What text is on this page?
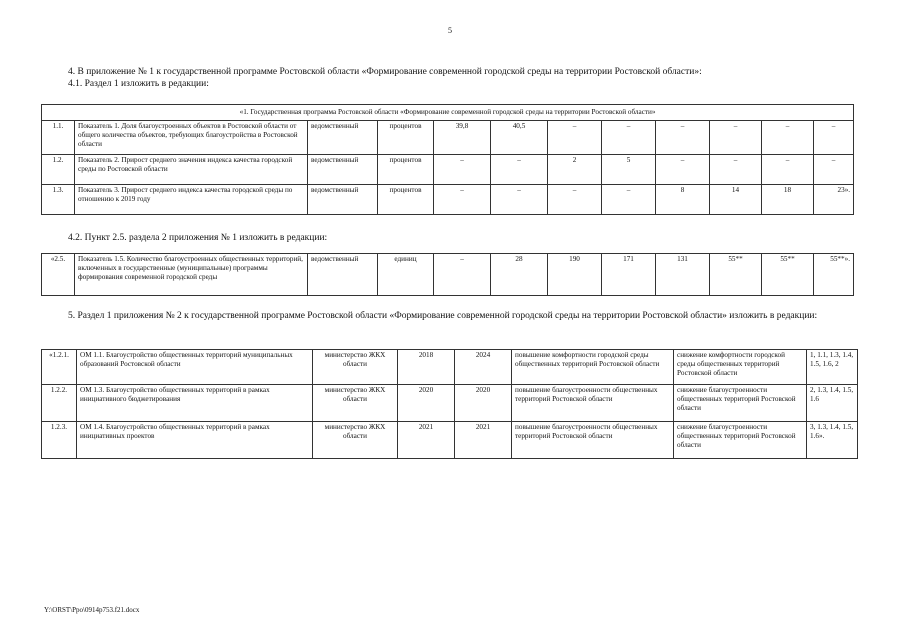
5
4. В приложение № 1 к государственной программе Ростовской области «Формирование современной городской среды на территории Ростовской области»:
4.1. Раздел 1 изложить в редакции:
«1. Государственная программа Ростовской области «Формирование современной городской среды на территории Ростовской области»											
1.1.	Показатель 1. Доля благоустроенных объектов в Ростовской области от общего количества объектов, требующих благоустройства в Ростовской области	ведомственный	процентов	39,8	40,5	–	–	–	–	–	–
1.2.	Показатель 2. Прирост среднего значения индекса качества городской среды по Ростовской области	ведомственный	процентов	–	–	2	5	–	–	–	–
1.3.	Показатель 3. Прирост среднего индекса качества городской среды по отношению к 2019 году	ведомственный	процентов	–	–	–	–	8	14	18	23».
4.2. Пункт 2.5. раздела 2 приложения № 1 изложить в редакции:
«2.5.	Показатель 1.5. Количество благоустроенных общественных территорий, включенных в государственные (муниципальные) программы формирования современной городской среды	ведомственный	единиц	–	28	190	171	131	55**	55**	55**».
5. Раздел 1 приложения № 2 к государственной программе Ростовской области «Формирование современной городской среды на территории Ростовской области» изложить в редакции:
«1.2.1.	ОМ 1.1. Благоустройство общественных территорий муниципальных образований Ростовской области	министерство ЖКХ области	2018	2024	повышение комфортности городской среды общественных территорий Ростовской области	снижение комфортности городской среды общественных территорий Ростовской области	1, 1.1, 1.3, 1.4, 1.5, 1.6, 2
1.2.2.	ОМ 1.3. Благоустройство общественных территорий в рамках инициативного бюджетирования	министерство ЖКХ области	2020	2020	повышение благоустроенности общественных территорий Ростовской области	снижение благоустроенности общественных территорий Ростовской области	2, 1.3, 1.4, 1.5, 1.6
1.2.3.	ОМ 1.4. Благоустройство общественных территорий в рамках инициативных проектов	министерство ЖКХ области	2021	2021	повышение благоустроенности общественных территорий Ростовской области	снижение благоустроенности общественных территорий Ростовской области	3, 1.3, 1.4, 1.5, 1.6».
Y:\ORST\Ppo\0914p753.f21.docx
